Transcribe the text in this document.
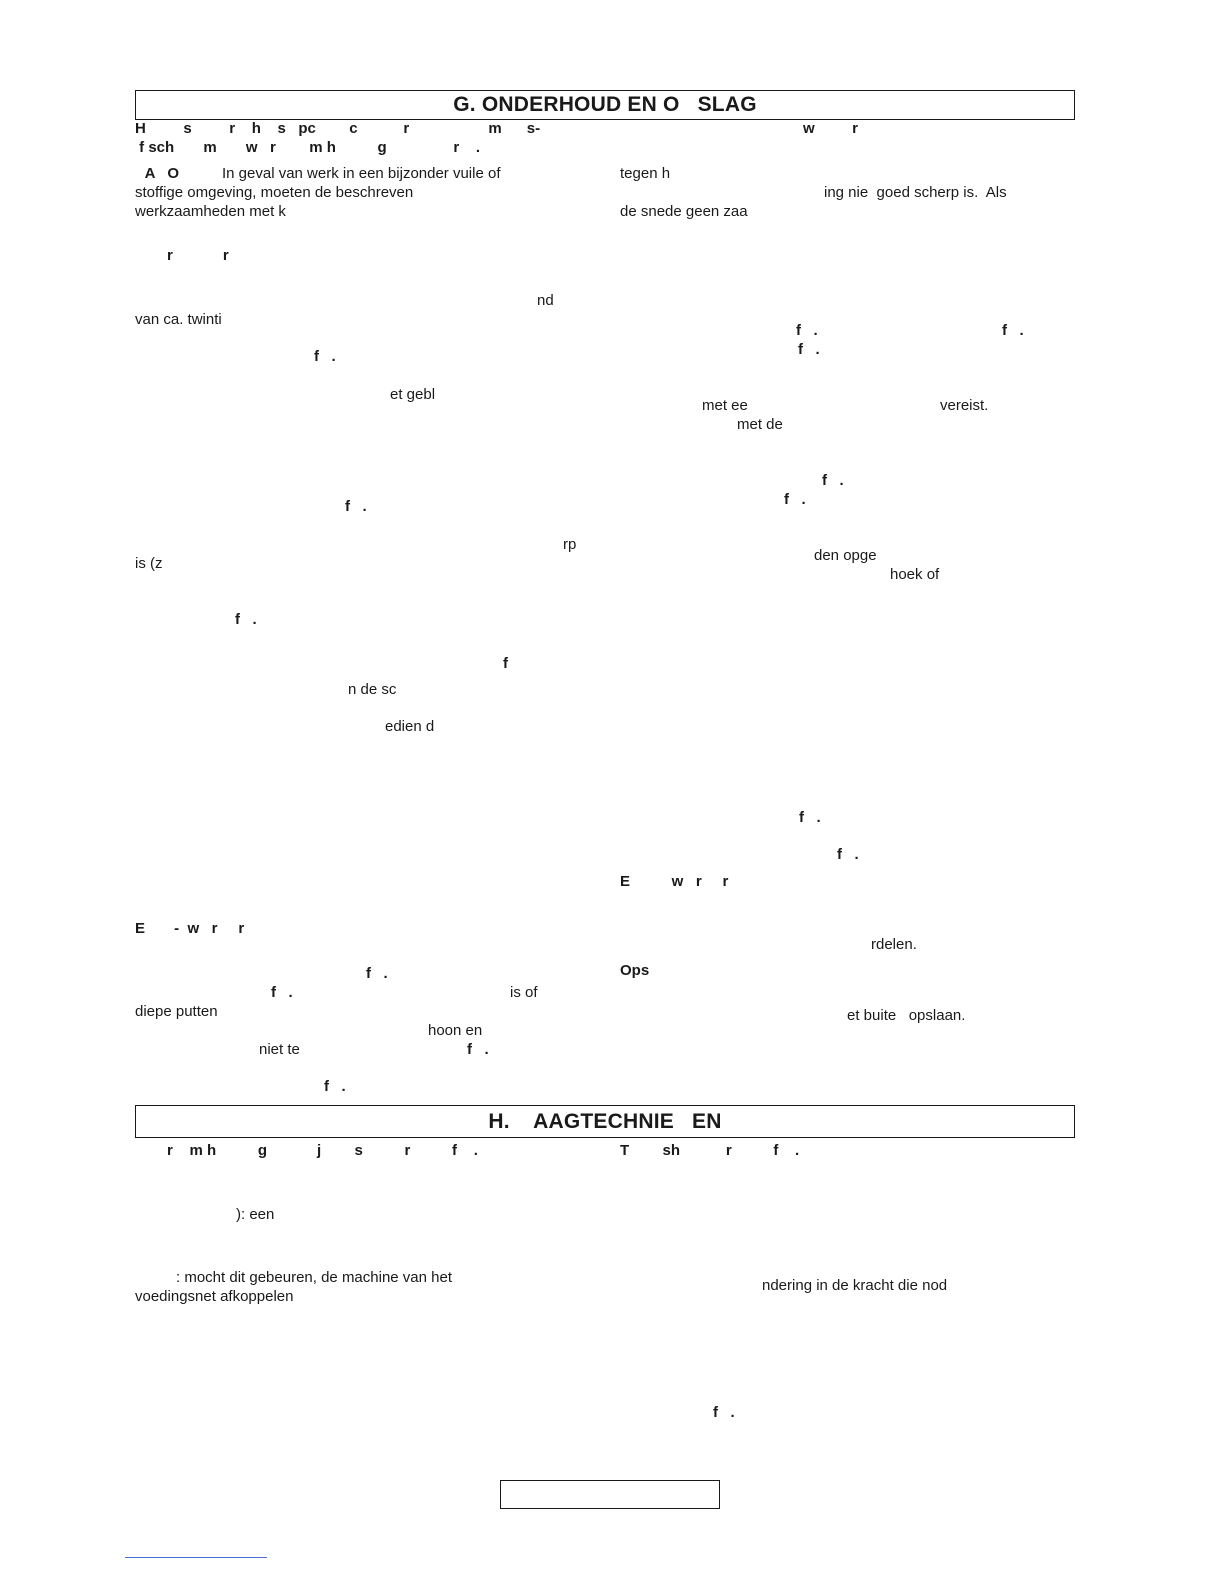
G. ONDERHOUD EN O   SLAG
H         s         r    h    s   pc        c           r                   m      s-
f sch       m       w   r        m h          g                r    .
w         r
A   O	In geval van werk in een bijzonder vuile of
stoffige omgeving, moeten de beschreven
werkzaamheden met k
tegen h
ing nie  goed scherp is.  Als
de snede geen zaa
r            r
nd
van ca. twinti
f   .
f   .	f   .
f   .
et gebl
met ee	vereist.
met de
f   .
f   .
f   .
rp
is (z	den opge
hoek of
f   .
f
n de sc
edien d
f   .
f   .
E          w   r     r
E       -  w   r     r
rdelen.
f   .	Ops
f   .	is of
diepe putten	et buite   opslaan.
hoon en
niet te	f   .
f   .
H.    AAGTECHNIE   EN
r    m h          g            j        s          r          f    .	T        sh           r          f    .
): een
: mocht dit gebeuren, de machine van het
voedingsnet afkoppelen
ndering in de kracht die nod
f   .
